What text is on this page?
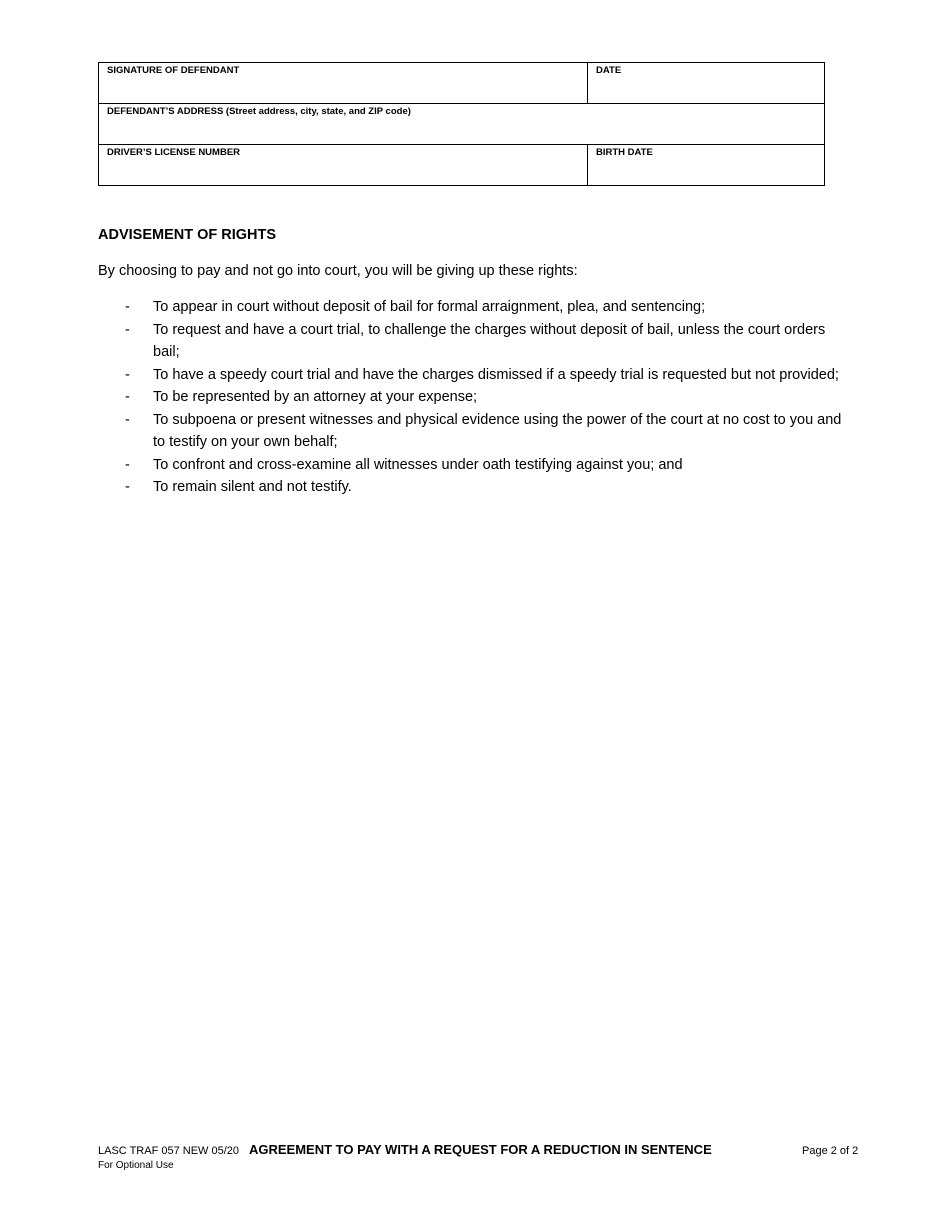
SIGNATURE OF DEFENDANT	DATE
DEFENDANT’S ADDRESS (Street address, city, state, and ZIP code)	
DRIVER’S LICENSE NUMBER	BIRTH DATE
ADVISEMENT OF RIGHTS

By choosing to pay and not go into court, you will be giving up these rights:

- To appear in court without deposit of bail for formal arraignment, plea, and sentencing;
- To request and have a court trial, to challenge the charges without deposit of bail, unless the court orders bail;
- To have a speedy court trial and have the charges dismissed if a speedy trial is requested but not provided;
- To be represented by an attorney at your expense;
- To subpoena or present witnesses and physical evidence using the power of the court at no cost to you and to testify on your own behalf;
- To confront and cross-examine all witnesses under oath testifying against you; and
- To remain silent and not testify.
LASC TRAF 057 NEW 05/20 AGREEMENT TO PAY WITH A REQUEST FOR A REDUCTION IN SENTENCE	Page 2 of 2
For Optional Use
